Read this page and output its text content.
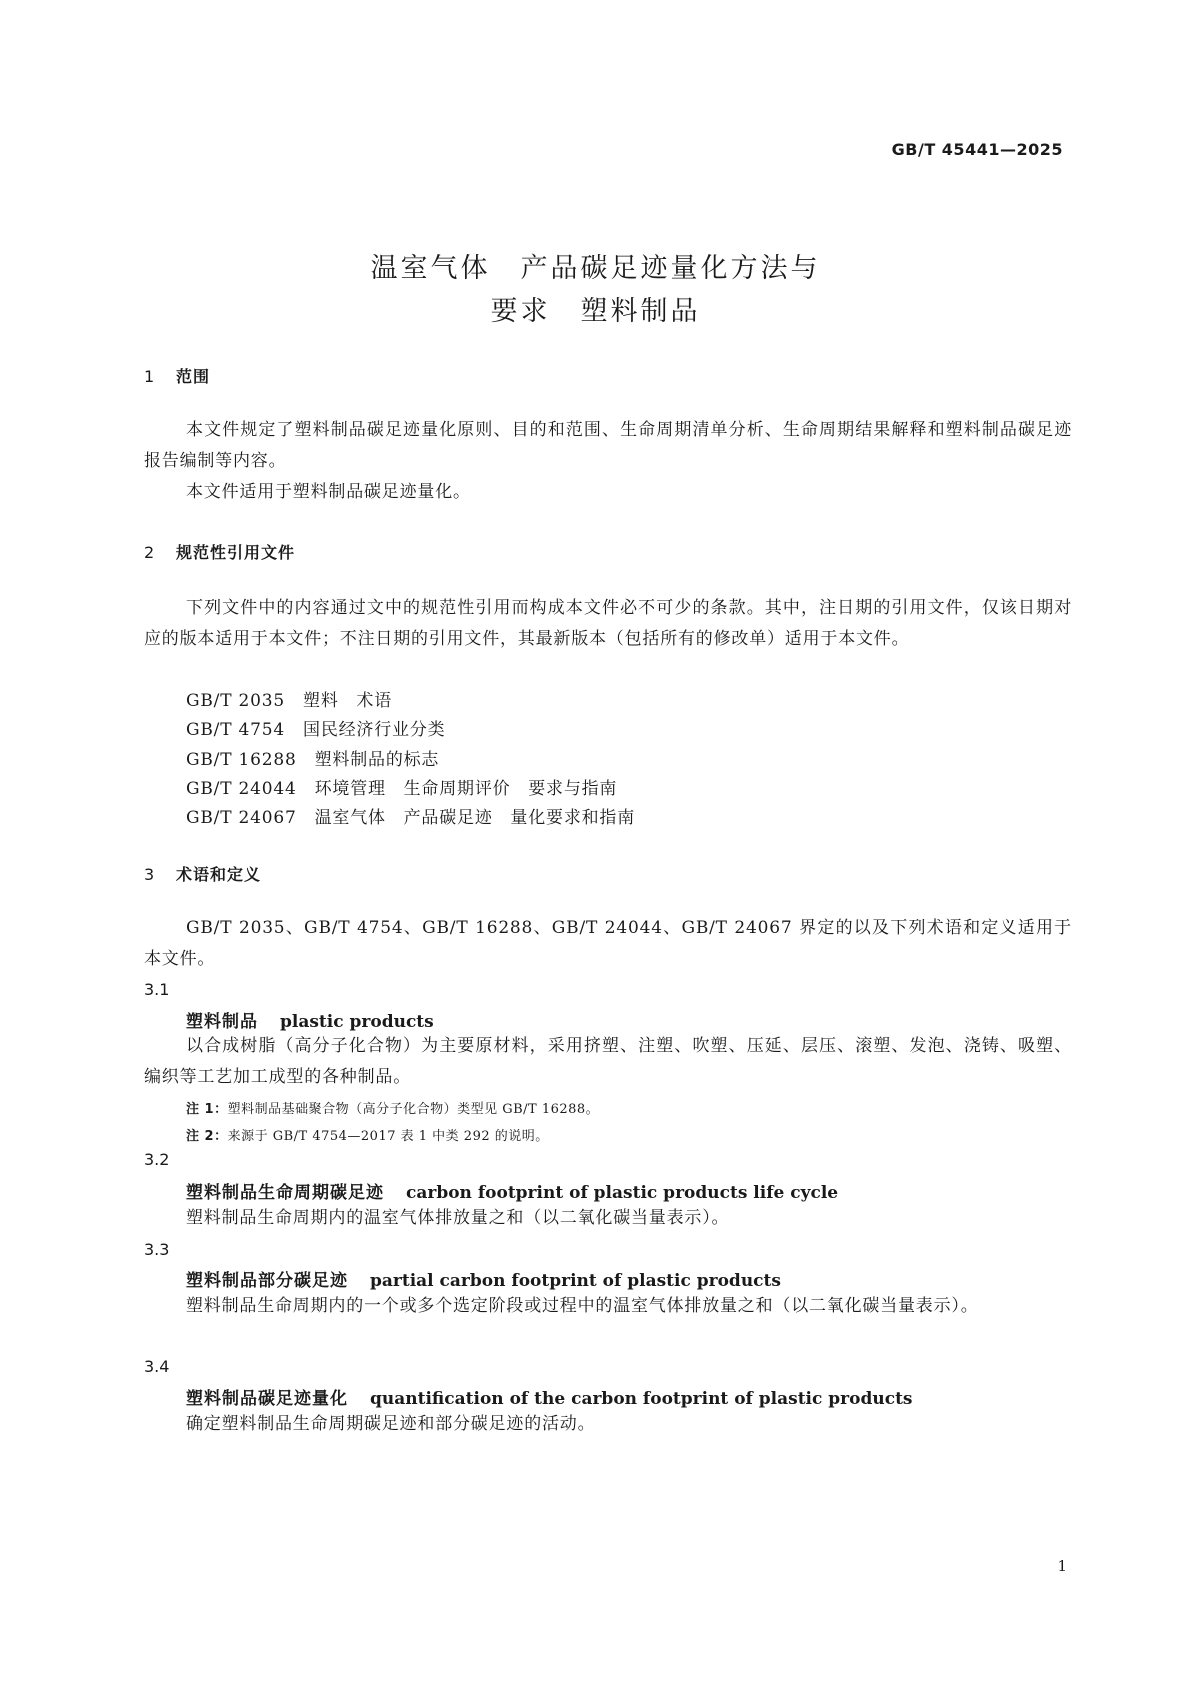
GB/T 45441—2025
温室气体 产品碳足迹量化方法与
要求 塑料制品
1 范围
本文件规定了塑料制品碳足迹量化原则、目的和范围、生命周期清单分析、生命周期结果解释和塑料制品碳足迹报告编制等内容。
本文件适用于塑料制品碳足迹量化。
2 规范性引用文件
下列文件中的内容通过文中的规范性引用而构成本文件必不可少的条款。其中，注日期的引用文件，仅该日期对应的版本适用于本文件；不注日期的引用文件，其最新版本（包括所有的修改单）适用于本文件。
GB/T 2035 塑料　术语
GB/T 4754 国民经济行业分类
GB/T 16288 塑料制品的标志
GB/T 24044 环境管理　生命周期评价　要求与指南
GB/T 24067 温室气体　产品碳足迹　量化要求和指南
3 术语和定义
GB/T 2035、GB/T 4754、GB/T 16288、GB/T 24044、GB/T 24067 界定的以及下列术语和定义适用于本文件。
3.1
塑料制品 plastic products
以合成树脂（高分子化合物）为主要原材料，采用挤塑、注塑、吹塑、压延、层压、滚塑、发泡、浇铸、吸塑、编织等工艺加工成型的各种制品。
注 1：塑料制品基础聚合物（高分子化合物）类型见 GB/T 16288。
注 2：来源于 GB/T 4754—2017 表 1 中类 292 的说明。
3.2
塑料制品生命周期碳足迹 carbon footprint of plastic products life cycle
塑料制品生命周期内的温室气体排放量之和（以二氧化碳当量表示）。
3.3
塑料制品部分碳足迹 partial carbon footprint of plastic products
塑料制品生命周期内的一个或多个选定阶段或过程中的温室气体排放量之和（以二氧化碳当量表示）。
3.4
塑料制品碳足迹量化 quantification of the carbon footprint of plastic products
确定塑料制品生命周期碳足迹和部分碳足迹的活动。
1
